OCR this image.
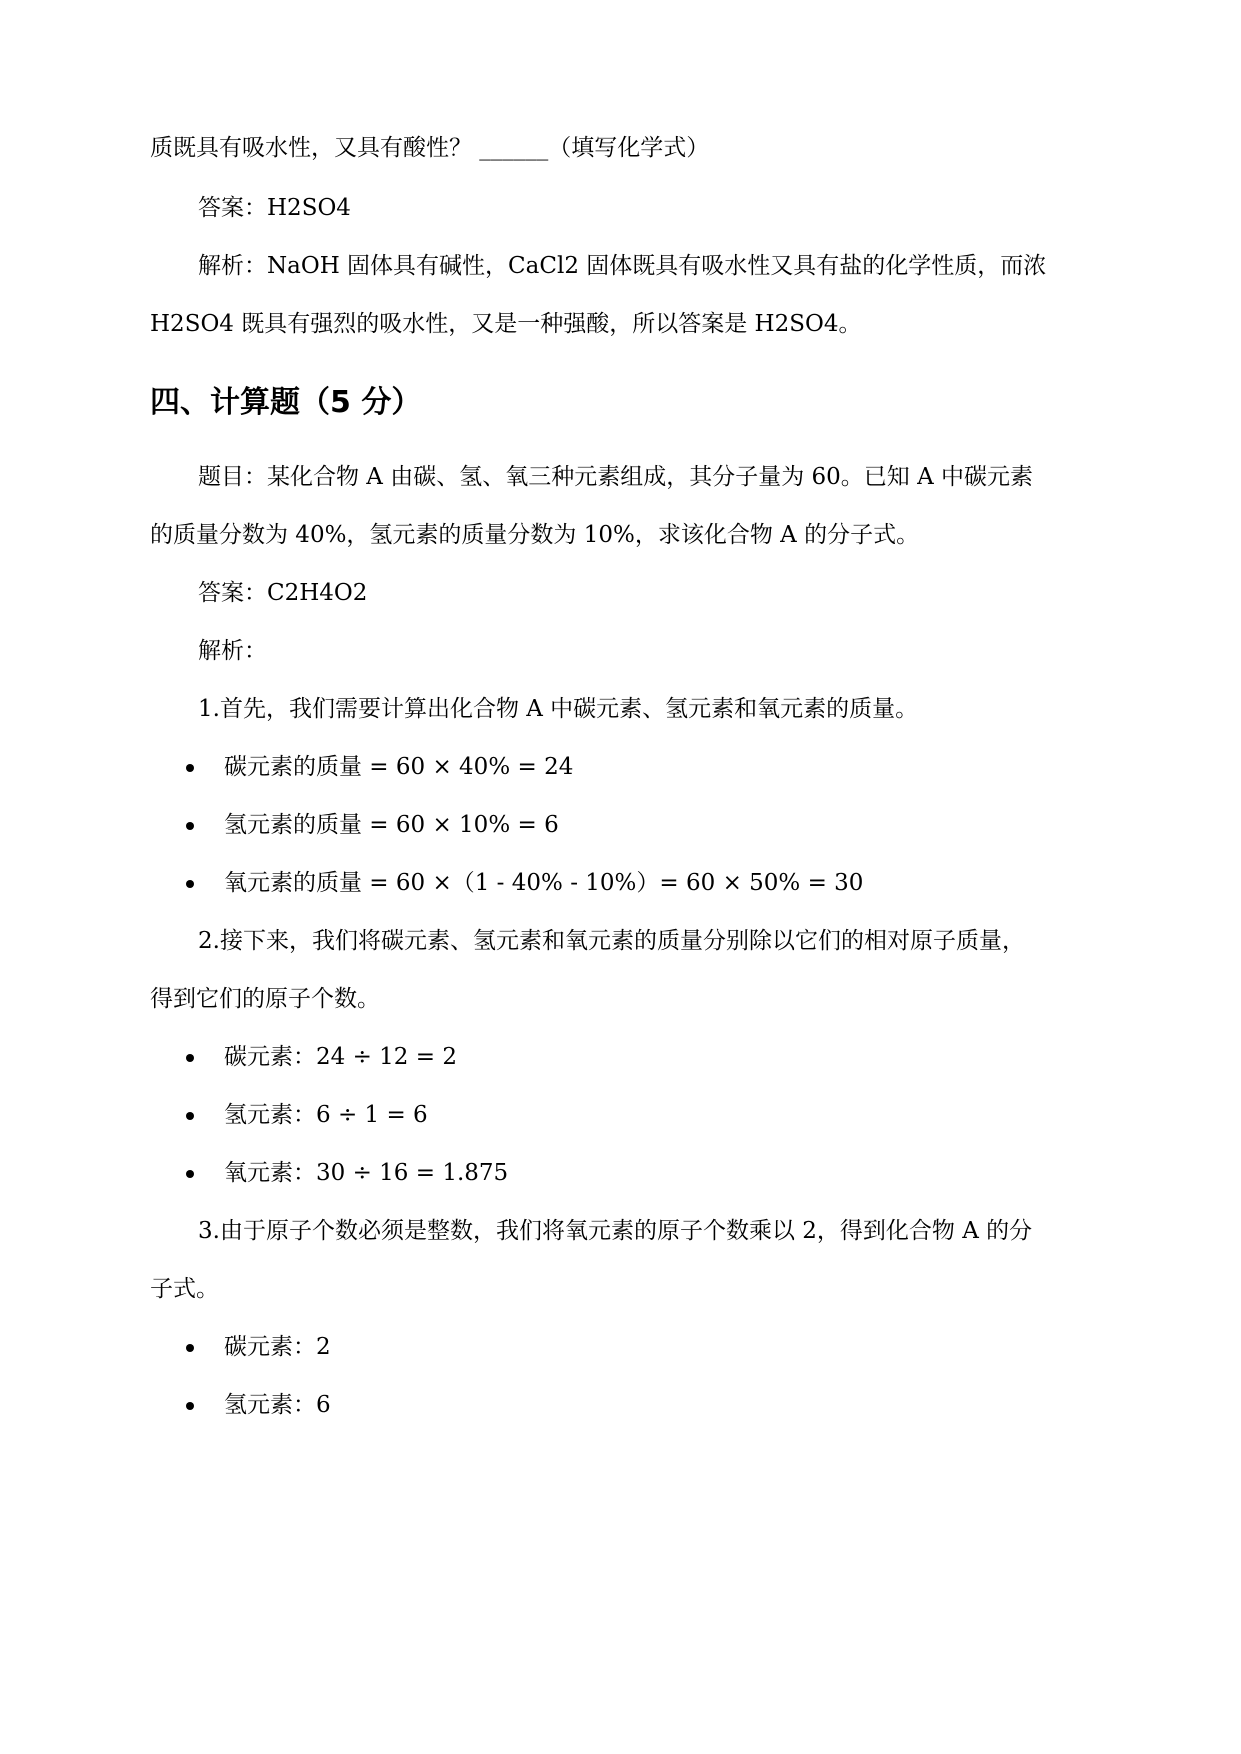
质既具有吸水性，又具有酸性？ ______（填写化学式）
答案：H2SO4
解析：NaOH 固体具有碱性，CaCl2 固体既具有吸水性又具有盐的化学性质，而浓
H2SO4 既具有强烈的吸水性，又是一种强酸，所以答案是 H2SO4。
四、计算题（5 分）
题目：某化合物 A 由碳、氢、氧三种元素组成，其分子量为 60。已知 A 中碳元素
的质量分数为 40%，氢元素的质量分数为 10%，求该化合物 A 的分子式。
答案：C2H4O2
解析：
1.首先，我们需要计算出化合物 A 中碳元素、氢元素和氧元素的质量。
碳元素的质量 = 60 × 40% = 24
氢元素的质量 = 60 × 10% = 6
氧元素的质量 = 60 ×（1 - 40% - 10%）= 60 × 50% = 30
2.接下来，我们将碳元素、氢元素和氧元素的质量分别除以它们的相对原子质量，
得到它们的原子个数。
碳元素：24 ÷ 12 = 2
氢元素：6 ÷ 1 = 6
氧元素：30 ÷ 16 = 1.875
3.由于原子个数必须是整数，我们将氧元素的原子个数乘以 2，得到化合物 A 的分
子式。
碳元素：2
氢元素：6
